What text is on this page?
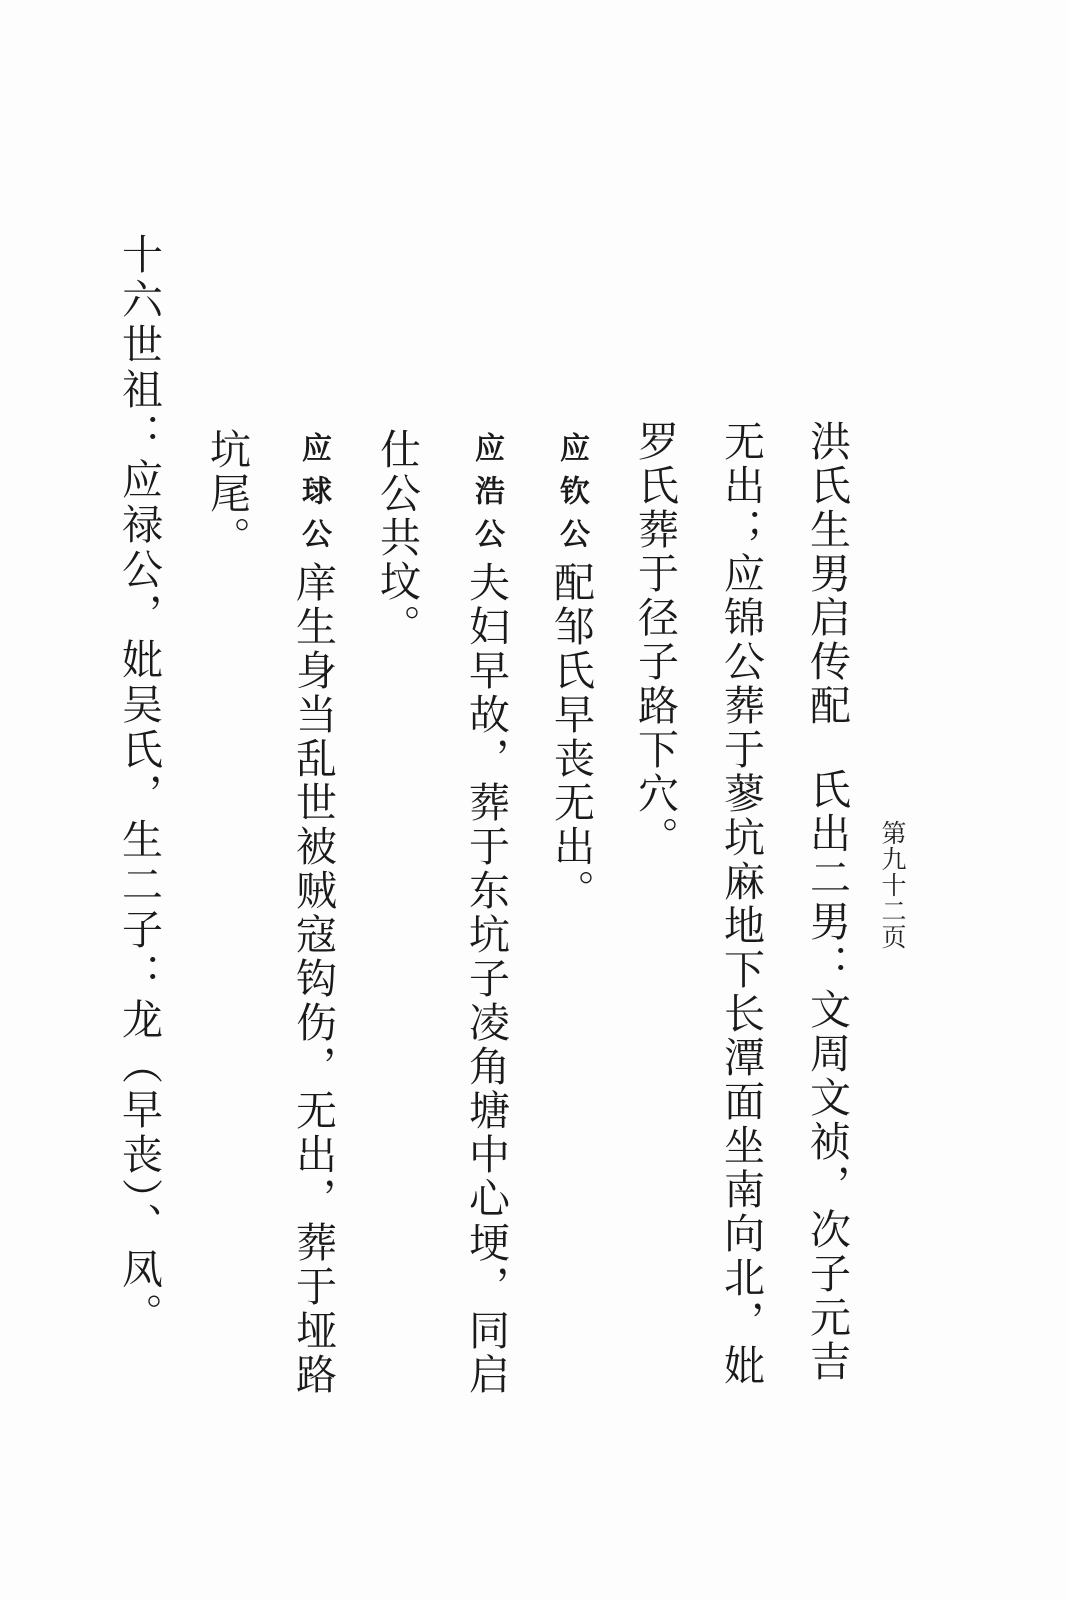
第九十二页
洪氏生男启传配氏出二男：文周文祯，次子元吉
无出；应锦公葬于蓼坑麻地下长潭面坐南向北，妣
罗氏葬于径子路下穴。
应钦公配邹氏早丧无出。
应浩公夫妇早故，葬于东坑子凌角塘中心埂，同启
仕公共坟。
应球公庠生身当乱世被贼寇钩伤，无出，葬于垭路
坑尾。
十六世祖：应禄公，妣吴氏，生二子：龙（早丧）、凤。
